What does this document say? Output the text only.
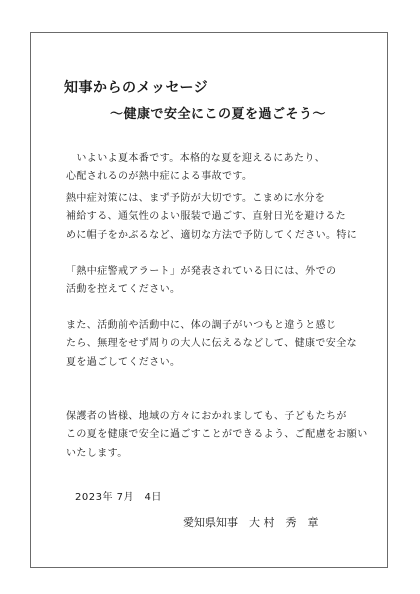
知事からのメッセージ
～健康で安全にこの夏を過ごそう～

　いよいよ夏本番です。本格的な夏を迎えるにあたり、
心配されるのが熱中症による事故です。

熱中症対策には、まず予防が大切です。こまめに水分を
補給する、通気性のよい服装で過ごす、直射日光を避けるた
めに帽子をかぶるなど、適切な方法で予防してください。特に

「熱中症警戒アラート」が発表されている日には、外での
活動を控えてください。

また、活動前や活動中に、体の調子がいつもと違うと感じ
たら、無理をせず周りの大人に伝えるなどして、健康で安全な
夏を過ごしてください。

保護者の皆様、地域の方々におかれましても、子どもたちが
この夏を健康で安全に過ごすことができるよう、ご配慮をお願い
いたします。

2023年 7月　4日
愛知県知事　大 村　秀　章
